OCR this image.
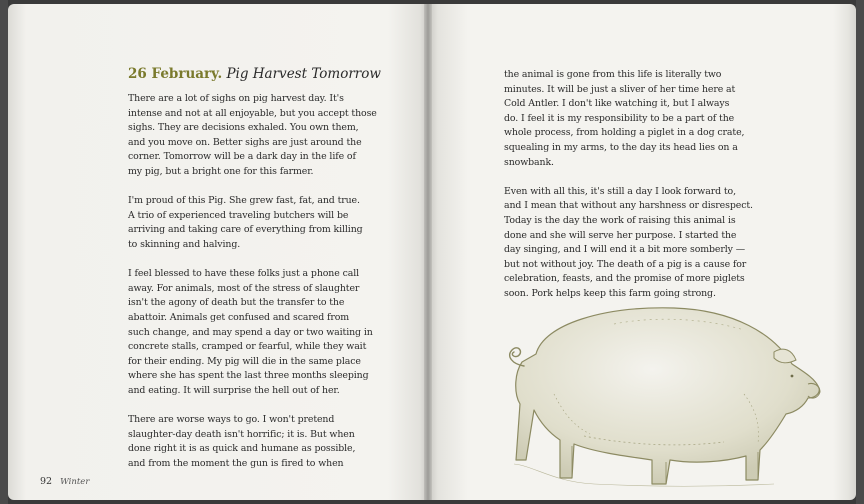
26 February. Pig Harvest Tomorrow

There are a lot of sighs on pig harvest day. It's
intense and not at all enjoyable, but you accept those
sighs. They are decisions exhaled. You own them,
and you move on. Better sighs are just around the
corner. Tomorrow will be a dark day in the life of
my pig, but a bright one for this farmer.

I'm proud of this Pig. She grew fast, fat, and true.
A trio of experienced traveling butchers will be
arriving and taking care of everything from killing
to skinning and halving.

I feel blessed to have these folks just a phone call
away. For animals, most of the stress of slaughter
isn't the agony of death but the transfer to the
abattoir. Animals get confused and scared from
such change, and may spend a day or two waiting in
concrete stalls, cramped or fearful, while they wait
for their ending. My pig will die in the same place
where she has spent the last three months sleeping
and eating. It will surprise the hell out of her.

There are worse ways to go. I won't pretend
slaughter-day death isn't horrific; it is. But when
done right it is as quick and humane as possible,
and from the moment the gun is fired to when

92 Winter

the animal is gone from this life is literally two
minutes. It will be just a sliver of her time here at
Cold Antler. I don't like watching it, but I always
do. I feel it is my responsibility to be a part of the
whole process, from holding a piglet in a dog crate,
squealing in my arms, to the day its head lies on a
snowbank.

Even with all this, it's still a day I look forward to,
and I mean that without any harshness or disrespect.
Today is the day the work of raising this animal is
done and she will serve her purpose. I started the
day singing, and I will end it a bit more somberly —
but not without joy. The death of a pig is a cause for
celebration, feasts, and the promise of more piglets
soon. Pork helps keep this farm going strong.
